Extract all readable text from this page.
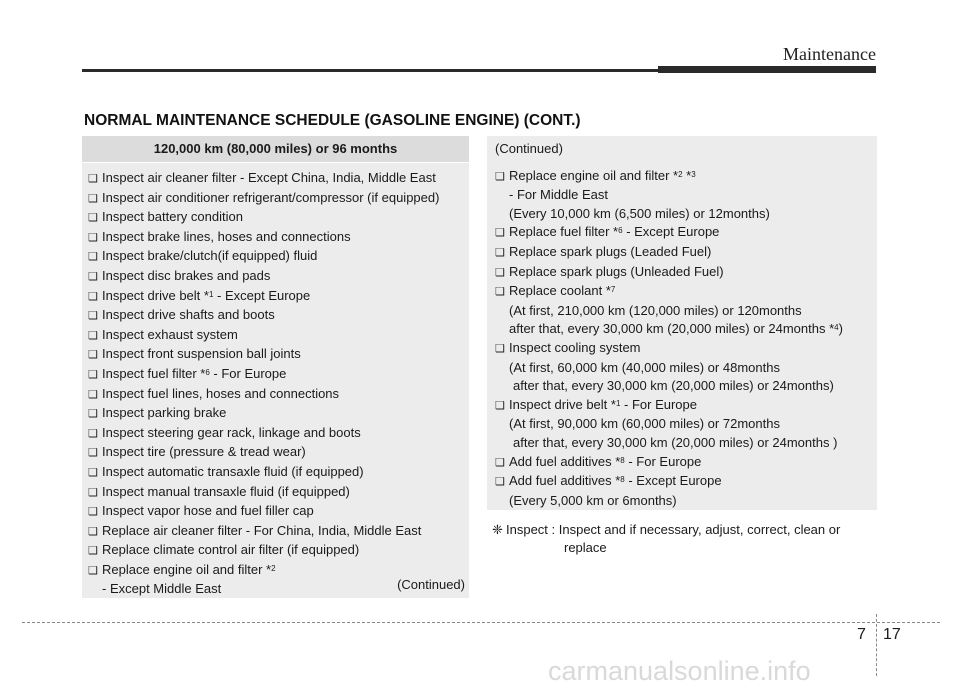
Maintenance
NORMAL MAINTENANCE SCHEDULE (GASOLINE ENGINE) (CONT.)
120,000 km (80,000 miles) or 96 months
❑ Inspect air cleaner filter - Except China, India, Middle East
❑ Inspect air conditioner refrigerant/compressor (if equipped)
❑ Inspect battery condition
❑ Inspect brake lines, hoses and connections
❑ Inspect brake/clutch(if equipped) fluid
❑ Inspect disc brakes and pads
❑ Inspect drive belt *$^1$ - Except Europe
❑ Inspect drive shafts and boots
❑ Inspect exhaust system
❑ Inspect front suspension ball joints
❑ Inspect fuel filter *$^6$ - For Europe
❑ Inspect fuel lines, hoses and connections
❑ Inspect parking brake
❑ Inspect steering gear rack, linkage and boots
❑ Inspect tire (pressure & tread wear)
❑ Inspect automatic transaxle fluid (if equipped)
❑ Inspect manual transaxle fluid (if equipped)
❑ Inspect vapor hose and fuel filler cap
❑ Replace air cleaner filter - For China, India, Middle East
❑ Replace climate control air filter (if equipped)
❑ Replace engine oil and filter *$^2$
- Except Middle East	(Continued)
(Continued)
❑ Replace engine oil and filter *$^2$ *$^3$
- For Middle East
(Every 10,000 km (6,500 miles) or 12months)
❑ Replace fuel filter *$^6$ - Except Europe
❑ Replace spark plugs (Leaded Fuel)
❑ Replace spark plugs (Unleaded Fuel)
❑ Replace coolant *$^7$
(At first, 210,000 km (120,000 miles) or 120months
after that, every 30,000 km (20,000 miles) or 24months *$^4$)
❑ Inspect cooling system
(At first, 60,000 km (40,000 miles) or 48months
after that, every 30,000 km (20,000 miles) or 24months)
❑ Inspect drive belt *$^1$ - For Europe
(At first, 90,000 km (60,000 miles) or 72months
after that, every 30,000 km (20,000 miles) or 24months )
❑ Add fuel additives *$^8$ - For Europe
❑ Add fuel additives *$^8$ - Except Europe
(Every 5,000 km or 6months)
❈ Inspect : Inspect and if necessary, adjust, correct, clean or
replace
7 17
carmanualsonline.info
